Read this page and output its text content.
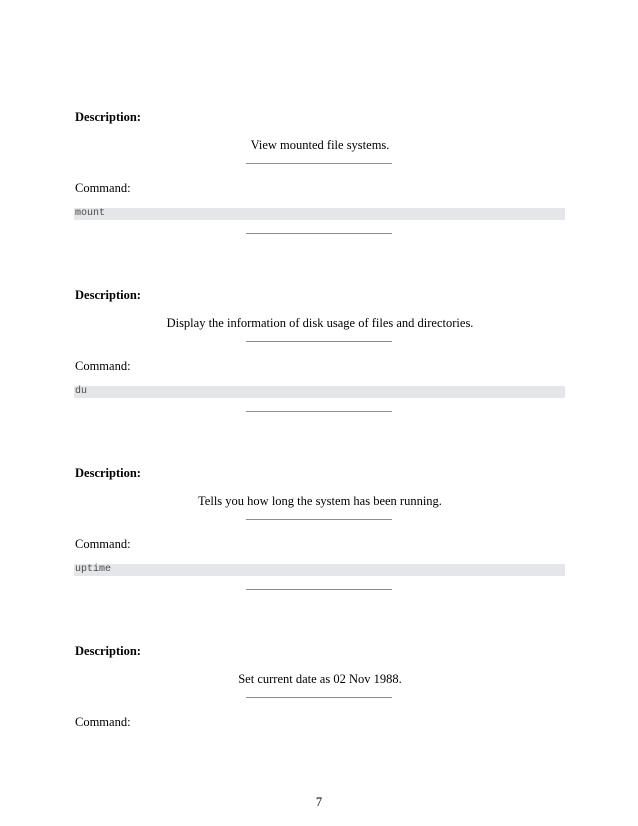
Description:
View mounted file systems.
Command:
mount
Description:
Display the information of disk usage of files and directories.
Command:
du
Description:
Tells you how long the system has been running.
Command:
uptime
Description:
Set current date as 02 Nov 1988.
Command:
7
